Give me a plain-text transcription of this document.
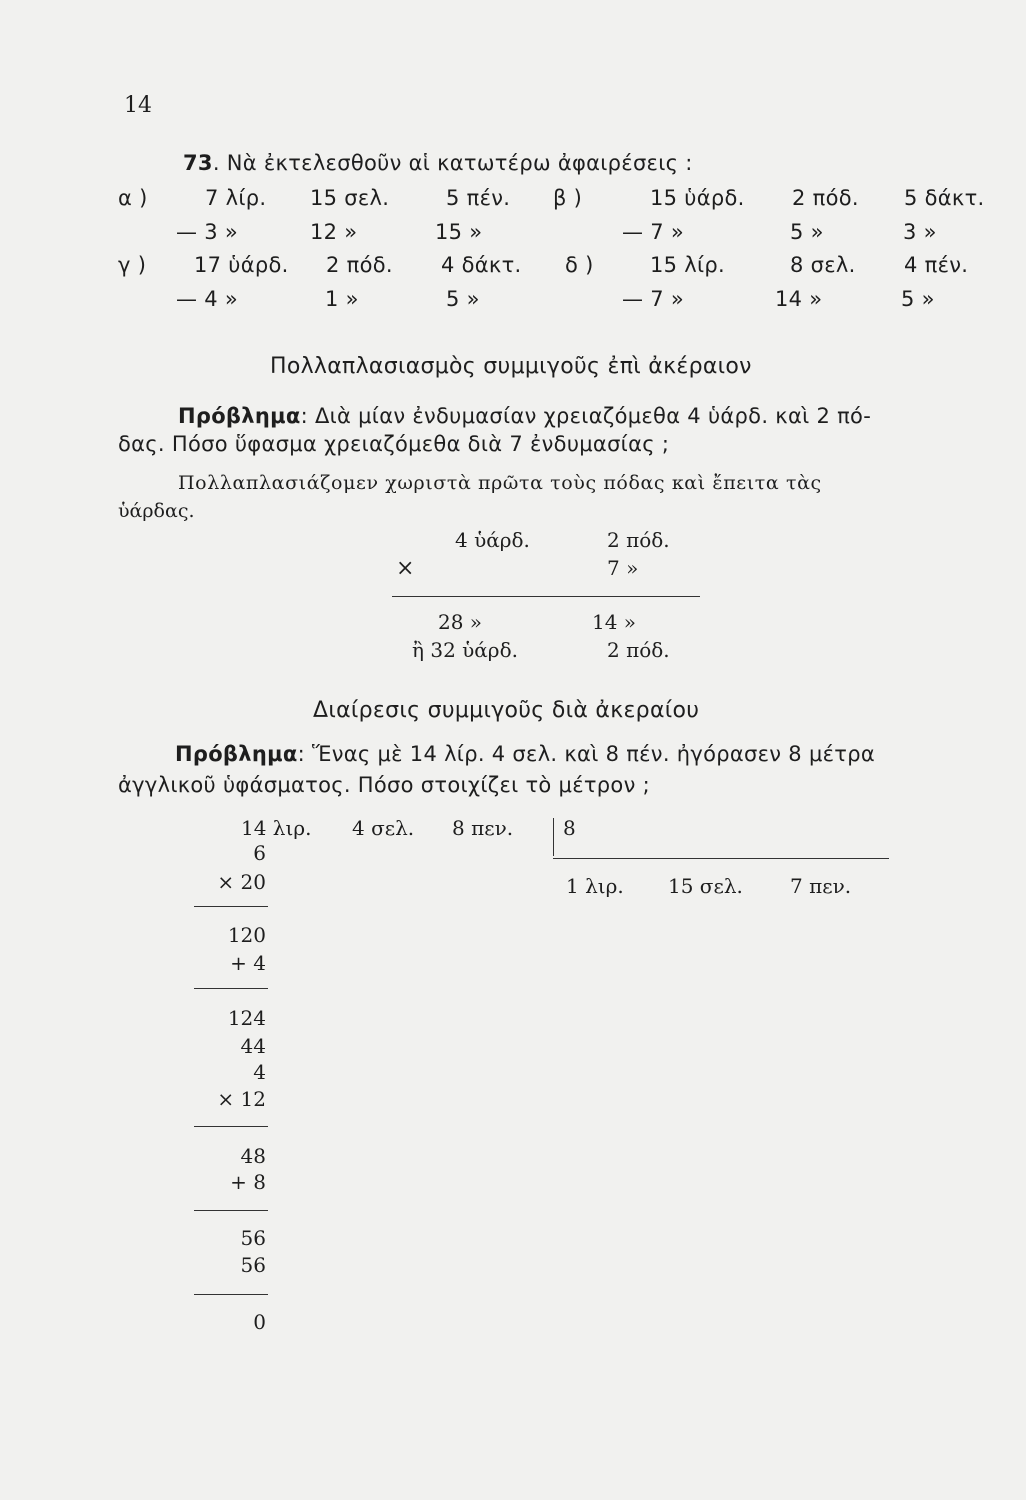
14
73. Νὰ ἐκτελεσθοῦν αἱ κατωτέρω ἀφαιρέσεις :
α )	7 λίρ. 15 σελ.	5 πέν.
— 3 »	12 »	15 »
β )	15 ὑάρδ. 2 πόδ. 5 δάκτ.
— 7 »	5 »	3 »
γ ) 17 ὑάρδ. 2 πόδ. 4 δάκτ.
— 4 »	1 »	5 »
δ )	15 λίρ.	8 σελ. 4 πέν.
— 7 »	14 »	5 »
Πολλαπλασιασμὸς συμμιγοῦς ἐπὶ ἀκέραιον
Πρόβλημα: Διὰ μίαν ἐνδυμασίαν χρειαζόμεθα 4 ὑάρδ. καὶ 2 πό-
δας. Πόσο ὕφασμα χρειαζόμεθα διὰ 7 ἐνδυμασίας ;
Πολλαπλασιάζομεν χωριστὰ πρῶτα τοὺς πόδας καὶ ἔπειτα τὰς
ὑάρδας.
4 ὑάρδ.	2 πόδ.
×	7 »
28 »	14 »
ἢ 32 ὑάρδ.	2 πόδ.
Διαίρεσις συμμιγοῦς διὰ ἀκεραίου
Πρόβλημα: Ἕνας μὲ 14 λίρ. 4 σελ. καὶ 8 πέν. ἠγόρασεν 8 μέτρα
ἀγγλικοῦ ὑφάσματος. Πόσο στοιχίζει τὸ μέτρον ;
14 λιρ. 4 σελ. 8 πεν. 8
1 λιρ. 15 σελ. 7 πεν.
6
× 20
120
+ 4
124
44
4
× 12
48
+ 8
56
56
0
